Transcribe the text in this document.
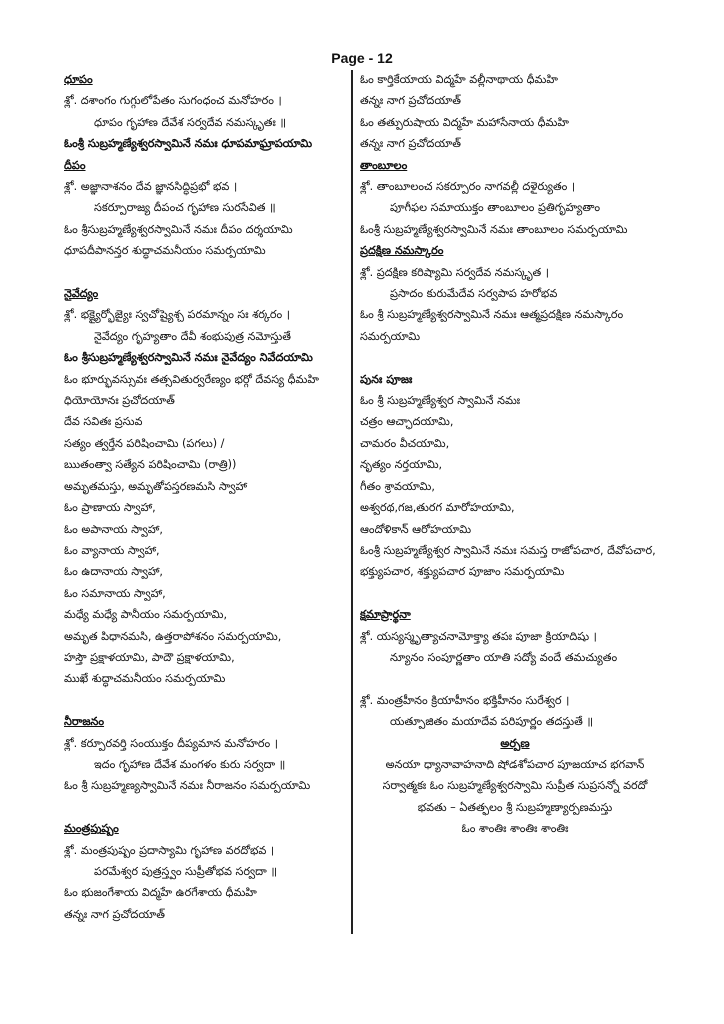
Page - 12
ధూపం
శ్లో. దశాంగం గుగ్గులోపేతం సుగంధంచ మనోహరం ।
ధూపం గృహాణ దేవేశ సర్వదేవ నమస్కృతః ॥
ఓంశ్రీ సుబ్రహ్మణ్యేశ్వరస్వామినే నమః ధూపమాఘ్రాపయామి
దీపం
శ్లో. అజ్ఞానాశనం దేవ జ్ఞానసిద్ధిప్రభో భవ ।
సకర్పూరాజ్య దీపంచ గృహాణ సురసేవిత ॥
ఓం శ్రీసుబ్రహ్మణ్యేశ్వరస్వామినే నమః దీపం దర్శయామి
ధూపదీపానన్తర శుద్ధాచమనీయం సమర్పయామి
నైవేద్యం
శ్లో. భక్ష్యైర్భోజ్యైః స్వచోష్యైశ్చ పరమాన్నం సః శర్కరం ।
నైవేద్యం గృహ్యతాం దేవీ శంభుపుత్ర నమోస్తుతే
ఓం శ్రీసుబ్రహ్మణ్యేశ్వరస్వామినే నమః నైవేద్యం నివేదయామి
ఓం భూర్భువస్సువః తత్సవితుర్వరేణ్యం భర్గో దేవస్య ధీమహి
ధియోయోనః ప్రచోదయాత్
దేవ సవితః ప్రసువ
సత్యం త్వర్తేన పరిషించామి (పగలు) /
ఋతంత్వా సత్యేన పరిషించామి (రాత్రి))
అమృతమస్తు, అమృతోపస్తరణమసి స్వాహా
ఓం ప్రాణాయ స్వాహా,
ఓం అపానాయ స్వాహా,
ఓం వ్యానాయ స్వాహా,
ఓం ఉదానాయ స్వాహా,
ఓం సమానాయ స్వాహా,
మధ్యే మధ్యే పానీయం సమర్పయామి,
అమృత పిధానమసి, ఉత్తరాపోశనం సమర్పయామి,
హస్తౌ ప్రక్షాళయామి, పాదౌ ప్రక్షాళయామి,
ముఖే శుద్ధాచమనీయం సమర్పయామి
నీరాజనం
శ్లో. కర్పూరవర్తి సంయుక్తం దీప్యమాన మనోహరం ।
ఇదం గృహాణ దేవేశ మంగళం కురు సర్వదా ॥
ఓం శ్రీ సుబ్రహ్మణ్యస్వామినే నమః నీరాజనం సమర్పయామి
మంత్రపుష్పం
శ్లో. మంత్రపుష్పం ప్రదాస్యామి గృహాణ వరదోభవ ।
పరమేశ్వర పుత్రస్త్వం సుప్రీతోభవ సర్వదా ॥
ఓం భుజంగేశాయ విద్మహే ఉరగేశాయ ధీమహి
తన్నః నాగ ప్రచోదయాత్
ఓం కార్తికేయాయ విద్మహే వల్లీనాథాయ ధీమహి
తన్నః నాగ ప్రచోదయాత్
ఓం తత్పురుషాయ విద్మహే మహాసేనాయ ధీమహి
తన్నః నాగ ప్రచోదయాత్
తాంబూలం
శ్లో. తాంబూలంచ సకర్పూరం నాగవల్లీ దళైర్యుతం ।
పూగీఫల సమాయుక్తం తాంబూలం ప్రతిగృహ్యతాం
ఓంశ్రీ సుబ్రహ్మణ్యేశ్వరస్వామినే నమః తాంబూలం సమర్పయామి
ప్రదక్షిణ నమస్కారం
శ్లో. ప్రదక్షిణ కరిష్యామి సర్వదేవ నమస్కృత ।
ప్రసాదం కురుమేదేవ సర్వపాప హరోభవ
ఓం శ్రీ సుబ్రహ్మణ్యేశ్వరస్వామినే నమః ఆత్మప్రదక్షిణ నమస్కారం
సమర్పయామి
పునః పూజః
ఓం శ్రీ సుబ్రహ్మణ్యేశ్వర స్వామినే నమః
చత్రం ఆచ్ఛాదయామి,
చామరం వీచయామి,
నృత్యం నర్తయామి,
గీతం శ్రావయామి,
అశ్వరథ,గజ,తురగ మారోహయామి,
ఆందోళికాన్ ఆరోహయామి
ఓంశ్రీ సుబ్రహ్మణ్యేశ్వర స్వామినే నమః సమస్త రాజోపచార, దేవోపచార,
భక్త్యుపచార, శక్త్యుపచార పూజాం సమర్పయామి
క్షమాప్రార్థనా
శ్లో. యస్యస్మృత్యాచనామోక్త్యా తపః పూజా క్రియాదిషు ।
న్యూనం సంపూర్ణతాం యాతి సద్యో వందే తమచ్యుతం
శ్లో. మంత్రహీనం క్రియాహీనం భక్తిహీనం సురేశ్వర ।
యత్పూజితం మయాదేవ పరిపూర్ణం తదస్తుతే ॥
అర్పణ
అనయా ధ్యానావాహనాది షోడశోపచార పూజయాచ భగవాన్
సర్వాత్మకః ఓం సుబ్రహ్మణ్యేశ్వరస్వామి సుప్రీత సుప్రసన్నో వరదో
భవతు – ఏతత్ఫలం శ్రీ సుబ్రహ్మణ్యార్పణమస్తు
ఓం శాంతిః శాంతిః శాంతిః
